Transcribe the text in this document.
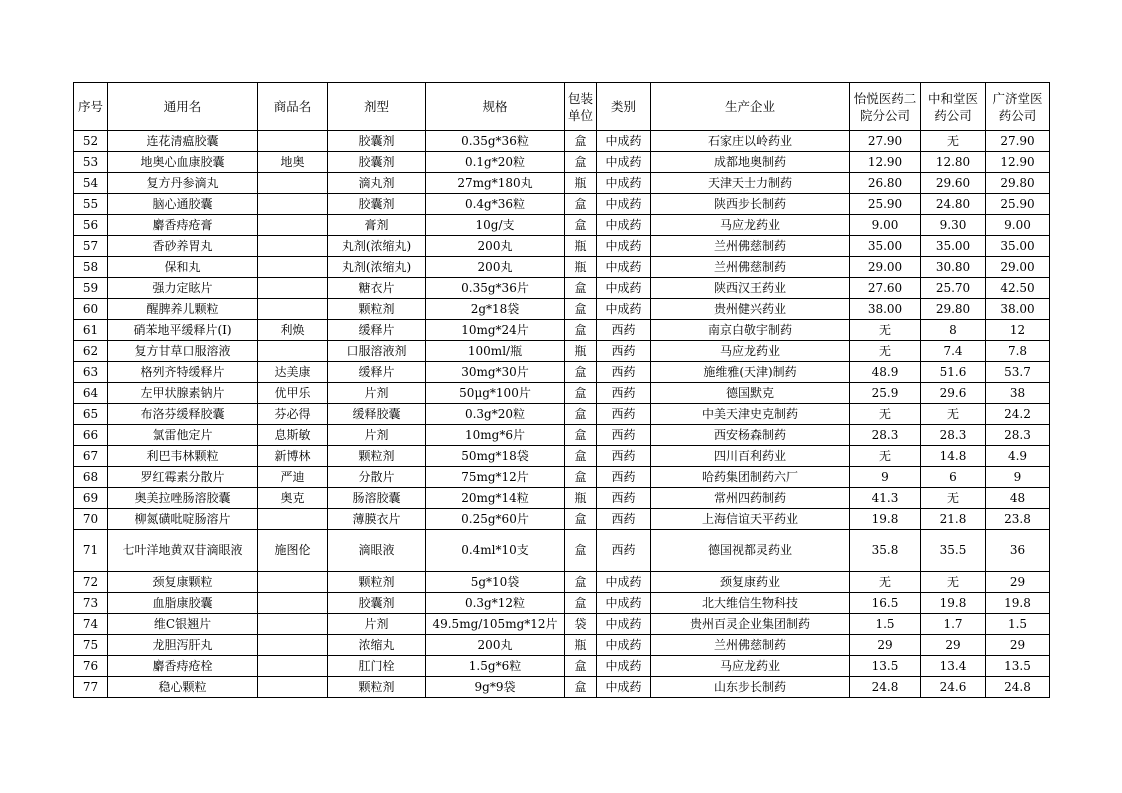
序号	通用名	商品名	剂型	规格	包装单位	类别	生产企业	怡悦医药二院分公司	中和堂医药公司	广济堂医药公司
52	连花清瘟胶囊		胶囊剂	0.35g*36粒	盒	中成药	石家庄以岭药业	27.90	无	27.90
53	地奥心血康胶囊	地奥	胶囊剂	0.1g*20粒	盒	中成药	成都地奥制药	12.90	12.80	12.90
54	复方丹参滴丸		滴丸剂	27mg*180丸	瓶	中成药	天津天士力制药	26.80	29.60	29.80
55	脑心通胶囊		胶囊剂	0.4g*36粒	盒	中成药	陕西步长制药	25.90	24.80	25.90
56	麝香痔疮膏		膏剂	10g/支	盒	中成药	马应龙药业	9.00	9.30	9.00
57	香砂养胃丸		丸剂(浓缩丸)	200丸	瓶	中成药	兰州佛慈制药	35.00	35.00	35.00
58	保和丸		丸剂(浓缩丸)	200丸	瓶	中成药	兰州佛慈制药	29.00	30.80	29.00
59	强力定眩片		糖衣片	0.35g*36片	盒	中成药	陕西汉王药业	27.60	25.70	42.50
60	醒脾养儿颗粒		颗粒剂	2g*18袋	盒	中成药	贵州健兴药业	38.00	29.80	38.00
61	硝苯地平缓释片(Ⅰ)	利焕	缓释片	10mg*24片	盒	西药	南京白敬宇制药	无	8	12
62	复方甘草口服溶液		口服溶液剂	100ml/瓶	瓶	西药	马应龙药业	无	7.4	7.8
63	格列齐特缓释片	达美康	缓释片	30mg*30片	盒	西药	施维雅(天津)制药	48.9	51.6	53.7
64	左甲状腺素钠片	优甲乐	片剂	50μg*100片	盒	西药	德国默克	25.9	29.6	38
65	布洛芬缓释胶囊	芬必得	缓释胶囊	0.3g*20粒	盒	西药	中美天津史克制药	无	无	24.2
66	氯雷他定片	息斯敏	片剂	10mg*6片	盒	西药	西安杨森制药	28.3	28.3	28.3
67	利巴韦林颗粒	新博林	颗粒剂	50mg*18袋	盒	西药	四川百利药业	无	14.8	4.9
68	罗红霉素分散片	严迪	分散片	75mg*12片	盒	西药	哈药集团制药六厂	9	6	9
69	奥美拉唑肠溶胶囊	奥克	肠溶胶囊	20mg*14粒	瓶	西药	常州四药制药	41.3	无	48
70	柳氮磺吡啶肠溶片		薄膜衣片	0.25g*60片	盒	西药	上海信谊天平药业	19.8	21.8	23.8
71	七叶洋地黄双苷滴眼液	施图伦	滴眼液	0.4ml*10支	盒	西药	德国视都灵药业	35.8	35.5	36
72	颈复康颗粒		颗粒剂	5g*10袋	盒	中成药	颈复康药业	无	无	29
73	血脂康胶囊		胶囊剂	0.3g*12粒	盒	中成药	北大维信生物科技	16.5	19.8	19.8
74	维C银翘片		片剂	49.5mg/105mg*12片	袋	中成药	贵州百灵企业集团制药	1.5	1.7	1.5
75	龙胆泻肝丸		浓缩丸	200丸	瓶	中成药	兰州佛慈制药	29	29	29
76	麝香痔疮栓		肛门栓	1.5g*6粒	盒	中成药	马应龙药业	13.5	13.4	13.5
77	稳心颗粒		颗粒剂	9g*9袋	盒	中成药	山东步长制药	24.8	24.6	24.8
